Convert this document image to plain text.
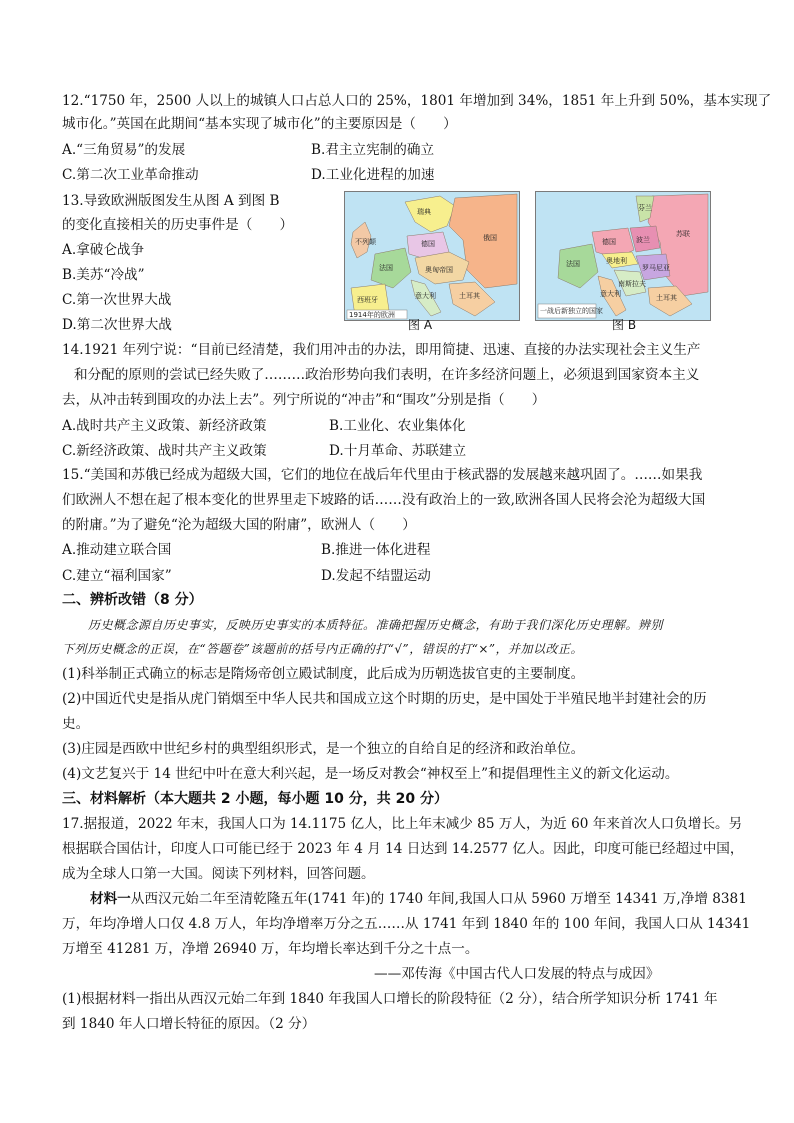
12.“1750 年，2500 人以上的城镇人口占总人口的 25%，1801 年增加到 34%，1851 年上升到 50%，基本实现了
城市化。”英国在此期间“基本实现了城市化”的主要原因是（　　）
A.“三角贸易”的发展	B.君主立宪制的确立
C.第二次工业革命推动	D.工业化进程的加速
13.导致欧洲版图发生从图 A 到图 B
的变化直接相关的历史事件是（　　）
A.拿破仑战争
B.美苏“冷战”
C.第一次世界大战
D.第二次世界大战
不列颠
法国
德国
俄国
奥匈帝国
意大利
西班牙
瑞典
土耳其
1914年的欧洲
图 A
苏联
德国	波兰
法国
芬兰
奥地利
意大利
南斯拉夫
罗马尼亚
土耳其
一战后新独立的国家
图 B
14.1921 年列宁说：“目前已经清楚，我们用冲击的办法，即用简捷、迅速、直接的办法实现社会主义生产
和分配的原则的尝试已经失败了………政治形势向我们表明，在许多经济问题上，必须退到国家资本主义
去，从冲击转到围攻的办法上去”。列宁所说的“冲击”和“围攻”分别是指（　　）
A.战时共产主义政策、新经济政策	B.工业化、农业集体化
C.新经济政策、战时共产主义政策	D.十月革命、苏联建立
15.“美国和苏俄已经成为超级大国，它们的地位在战后年代里由于核武器的发展越来越巩固了。……如果我
们欧洲人不想在起了根本变化的世界里走下坡路的话……没有政治上的一致,欧洲各国人民将会沦为超级大国
的附庸。”为了避免“沦为超级大国的附庸”，欧洲人（　　）
A.推动建立联合国	B.推进一体化进程
C.建立“福利国家”	D.发起不结盟运动
二、辨析改错（8 分）
历史概念源自历史事实，反映历史事实的本质特征。准确把握历史概念，有助于我们深化历史理解。辨别
下列历史概念的正误，在“答题卷”该题前的括号内正确的打“√”，错误的打“×”，并加以改正。
(1)科举制正式确立的标志是隋炀帝创立殿试制度，此后成为历朝选拔官吏的主要制度。
(2)中国近代史是指从虎门销烟至中华人民共和国成立这个时期的历史，是中国处于半殖民地半封建社会的历
史。
(3)庄园是西欧中世纪乡村的典型组织形式，是一个独立的自给自足的经济和政治单位。
(4)文艺复兴于 14 世纪中叶在意大利兴起，是一场反对教会“神权至上”和提倡理性主义的新文化运动。
三、材料解析（本大题共 2 小题，每小题 10 分，共 20 分）
17.据报道，2022 年末，我国人口为 14.1175 亿人，比上年末减少 85 万人，为近 60 年来首次人口负增长。另
根据联合国估计，印度人口可能已经于 2023 年 4 月 14 日达到 14.2577 亿人。因此，印度可能已经超过中国，
成为全球人口第一大国。阅读下列材料，回答问题。
材料一从西汉元始二年至清乾隆五年(1741 年)的 1740 年间,我国人口从 5960 万增至 14341 万,净增 8381
万，年均净增人口仅 4.8 万人，年均净增率万分之五……从 1741 年到 1840 年的 100 年间，我国人口从 14341
万增至 41281 万，净增 26940 万，年均增长率达到千分之十点一。
——邓传海《中国古代人口发展的特点与成因》
(1)根据材料一指出从西汉元始二年到 1840 年我国人口增长的阶段特征（2 分），结合所学知识分析 1741 年
到 1840 年人口增长特征的原因。（2 分）
